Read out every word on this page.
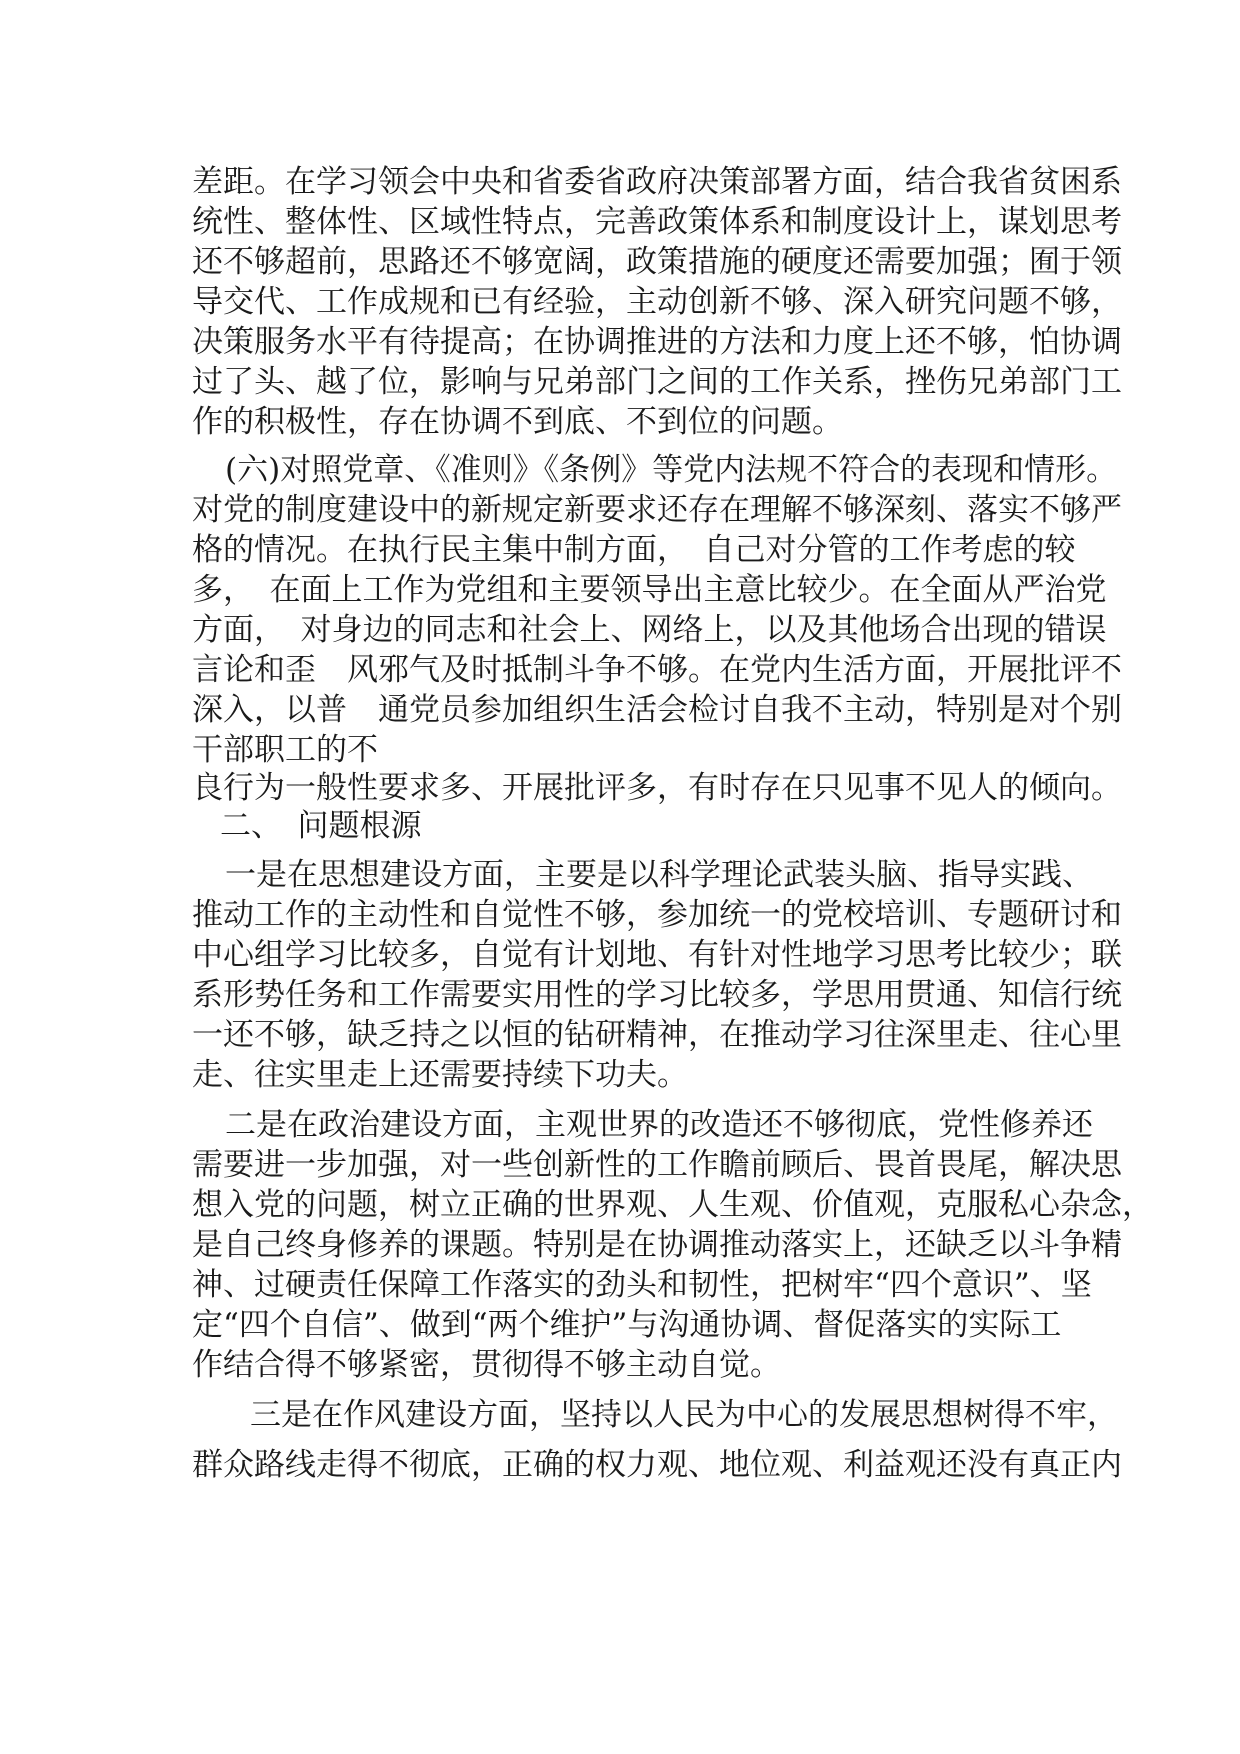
差距。在学习领会中央和省委省政府决策部署方面，结合我省贫困系
统性、整体性、区域性特点，完善政策体系和制度设计上，谋划思考
还不够超前，思路还不够宽阔，政策措施的硬度还需要加强；囿于领
导交代、工作成规和已有经验，主动创新不够、深入研究问题不够，
决策服务水平有待提高；在协调推进的方法和力度上还不够，怕协调
过了头、越了位，影响与兄弟部门之间的工作关系，挫伤兄弟部门工
作的积极性，存在协调不到底、不到位的问题。
(六)对照党章、《准则》《条例》等党内法规不符合的表现和情形。
对党的制度建设中的新规定新要求还存在理解不够深刻、落实不够严
格的情况。在执行民主集中制方面，　自己对分管的工作考虑的较
多，　在面上工作为党组和主要领导出主意比较少。在全面从严治党
方面，　对身边的同志和社会上、网络上，以及其他场合出现的错误
言论和歪　风邪气及时抵制斗争不够。在党内生活方面，开展批评不
深入，以普　通党员参加组织生活会检讨自我不主动，特别是对个别
干部职工的不
良行为一般性要求多、开展批评多，有时存在只见事不见人的倾向。
二、　问题根源
一是在思想建设方面，主要是以科学理论武装头脑、指导实践、
推动工作的主动性和自觉性不够，参加统一的党校培训、专题研讨和
中心组学习比较多，自觉有计划地、有针对性地学习思考比较少；联
系形势任务和工作需要实用性的学习比较多，学思用贯通、知信行统
一还不够，缺乏持之以恒的钻研精神，在推动学习往深里走、往心里
走、往实里走上还需要持续下功夫。
二是在政治建设方面，主观世界的改造还不够彻底，党性修养还
需要进一步加强，对一些创新性的工作瞻前顾后、畏首畏尾，解决思
想入党的问题，树立正确的世界观、人生观、价值观，克服私心杂念，
是自己终身修养的课题。特别是在协调推动落实上，还缺乏以斗争精
神、过硬责任保障工作落实的劲头和韧性，把树牢“四个意识”、坚
定“四个自信”、做到“两个维护”与沟通协调、督促落实的实际工
作结合得不够紧密，贯彻得不够主动自觉。
三是在作风建设方面，坚持以人民为中心的发展思想树得不牢，
群众路线走得不彻底，正确的权力观、地位观、利益观还没有真正内
